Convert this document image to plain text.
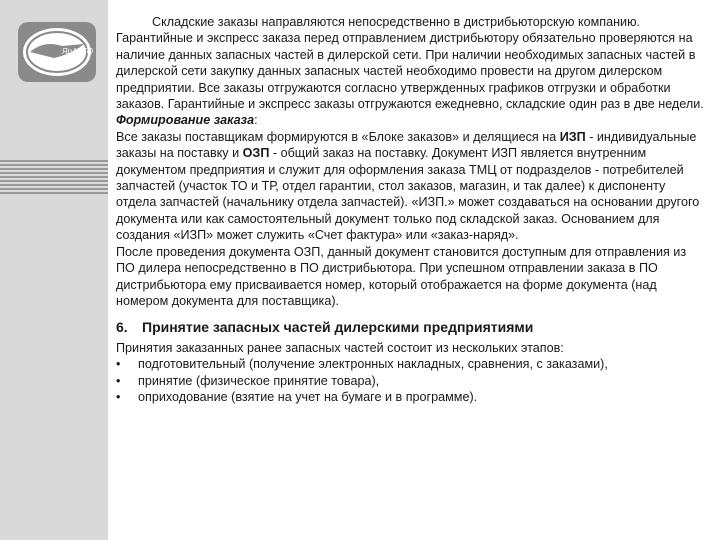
ЯрАВТО

Складские заказы направляются непосредственно в дистрибьюторскую компанию. Гарантийные и экспресс заказа перед отправлением дистрибьютору обязательно проверяются на наличие данных запасных частей в дилерской сети. При наличии необходимых запасных частей в дилерской сети закупку данных запасных частей необходимо провести на другом дилерском предприятии. Все заказы отгружаются согласно утвержденных графиков отгрузки и обработки заказов. Гарантийные и экспресс заказы отгружаются ежедневно, складские один раз в две недели.

Формирование заказа:

Все заказы поставщикам формируются в «Блоке заказов» и делящиеся на ИЗП - индивидуальные заказы на поставку и ОЗП - общий заказ на поставку. Документ ИЗП является внутренним документом предприятия и служит для оформления заказа ТМЦ от подразделов - потребителей запчастей (участок ТО и ТР, отдел гарантии, стол заказов, магазин, и так далее) к диспоненту отдела запчастей (начальнику отдела запчастей). «ИЗП.» может создаваться на основании другого документа или как самостоятельный документ только под складской заказ. Основанием для создания «ИЗП» может служить «Счет фактура» или «заказ-наряд».

После проведения документа ОЗП, данный документ становится доступным для отправления из ПО дилера непосредственно в ПО дистрибьютора. При успешном отправлении заказа в ПО дистрибьютора ему присваивается номер, который отображается на форме документа (над номером документа для поставщика).

6. Принятие запасных частей дилерскими предприятиями

Принятия заказанных ранее запасных частей состоит из нескольких этапов:

• подготовительный (получение электронных накладных, сравнения, с заказами),
• принятие (физическое принятие товара),
• оприходование (взятие на учет на бумаге и в программе).
